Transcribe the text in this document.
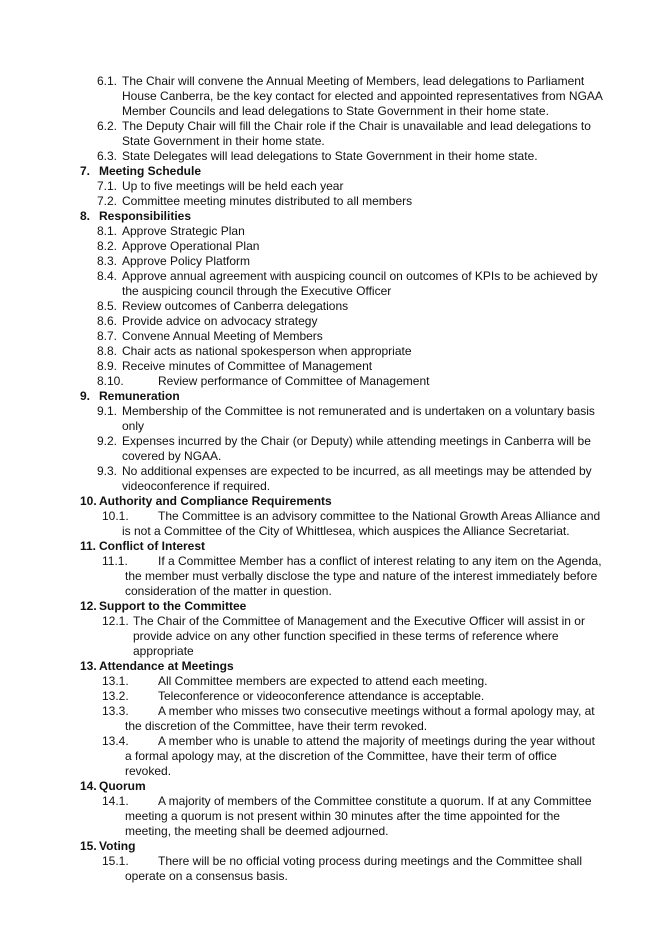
6.1. The Chair will convene the Annual Meeting of Members, lead delegations to Parliament
House Canberra, be the key contact for elected and appointed representatives from NGAA
Member Councils and lead delegations to State Government in their home state.
6.2. The Deputy Chair will fill the Chair role if the Chair is unavailable and lead delegations to
State Government in their home state.
6.3. State Delegates will lead delegations to State Government in their home state.
7. Meeting Schedule
7.1. Up to five meetings will be held each year
7.2. Committee meeting minutes distributed to all members
8. Responsibilities
8.1. Approve Strategic Plan
8.2. Approve Operational Plan
8.3. Approve Policy Platform
8.4. Approve annual agreement with auspicing council on outcomes of KPIs to be achieved by
the auspicing council through the Executive Officer
8.5. Review outcomes of Canberra delegations
8.6. Provide advice on advocacy strategy
8.7. Convene Annual Meeting of Members
8.8. Chair acts as national spokesperson when appropriate
8.9. Receive minutes of Committee of Management
8.10.	Review performance of Committee of Management
9. Remuneration
9.1. Membership of the Committee is not remunerated and is undertaken on a voluntary basis
only
9.2. Expenses incurred by the Chair (or Deputy) while attending meetings in Canberra will be
covered by NGAA.
9.3. No additional expenses are expected to be incurred, as all meetings may be attended by
videoconference if required.
10. Authority and Compliance Requirements
10.1. The Committee is an advisory committee to the National Growth Areas Alliance and
is not a Committee of the City of Whittlesea, which auspices the Alliance Secretariat.
11. Conflict of Interest
11.1.	If a Committee Member has a conflict of interest relating to any item on the Agenda,
the member must verbally disclose the type and nature of the interest immediately before
consideration of the matter in question.
12. Support to the Committee
12.1. The Chair of the Committee of Management and the Executive Officer will assist in or
provide advice on any other function specified in these terms of reference where
appropriate
13. Attendance at Meetings
13.1. All Committee members are expected to attend each meeting.
13.2. Teleconference or videoconference attendance is acceptable.
13.3. A member who misses two consecutive meetings without a formal apology may, at
the discretion of the Committee, have their term revoked.
13.4. A member who is unable to attend the majority of meetings during the year without
a formal apology may, at the discretion of the Committee, have their term of office
revoked.
14. Quorum
14.1. A majority of members of the Committee constitute a quorum. If at any Committee
meeting a quorum is not present within 30 minutes after the time appointed for the
meeting, the meeting shall be deemed adjourned.
15. Voting
15.1. There will be no official voting process during meetings and the Committee shall
operate on a consensus basis.
